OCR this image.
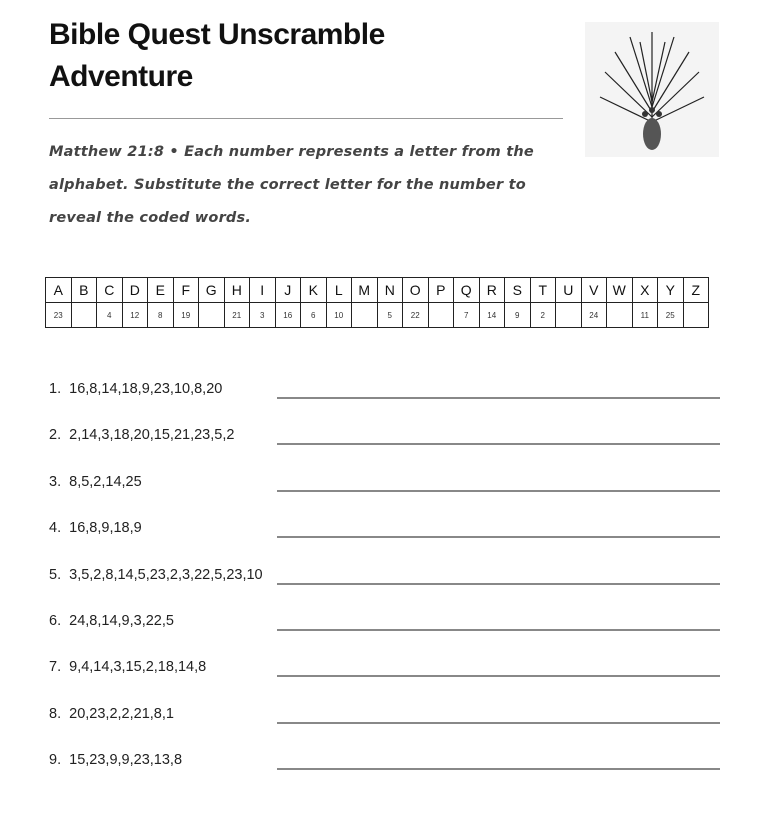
Bible Quest Unscramble Adventure
Matthew 21:8 • Each number represents a letter from the alphabet. Substitute the correct letter for the number to reveal the coded words.
A	B	C	D	E	F	G	H	I	J	K	L	M	N	O	P	Q	R	S	T	U	V	W	X	Y	Z
23		4	12	8	19		21	3	16	6	10		5	22		7	14	9	2		24		11	25	
1. 16,8,14,18,9,23,10,8,20
2. 2,14,3,18,20,15,21,23,5,2
3. 8,5,2,14,25
4. 16,8,9,18,9
5. 3,5,2,8,14,5,23,2,3,22,5,23,10
6. 24,8,14,9,3,22,5
7. 9,4,14,3,15,2,18,14,8
8. 20,23,2,2,21,8,1
9. 15,23,9,9,23,13,8
